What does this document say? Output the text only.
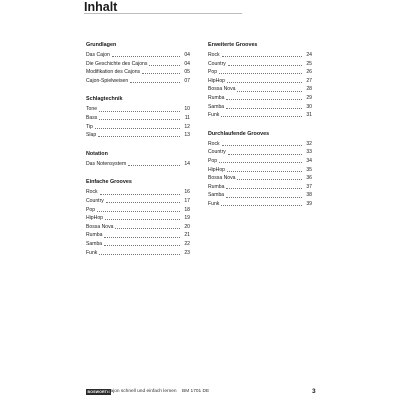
Inhalt
Grundlagen
Das Cajon	04
Die Geschichte des Cajons	04
Modifikation des Cajons	05
Cajon-Spielweisen	07
Schlagtechnik
Tone	10
Bass	11
Tip	12
Slap	13
Notation
Das Notensystem	14
Einfache Grooves
Rock	16
Country	17
Pop	18
HipHop	19
Bossa Nova	20
Rumba	21
Samba	22
Funk	23
Erweiterte Grooves
Rock	24
Country	25
Pop	26
HipHop	27
Bossa Nova	28
Rumba	29
Samba	30
Funk	31
Durchlaufende Grooves
Rock	32
Country	33
Pop	34
HipHop	35
Bossa Nova	36
Rumba	37
Samba	38
Funk	39
BOSWORTH
Cajon schnell und einfach lernen BM 1701 DE	3
